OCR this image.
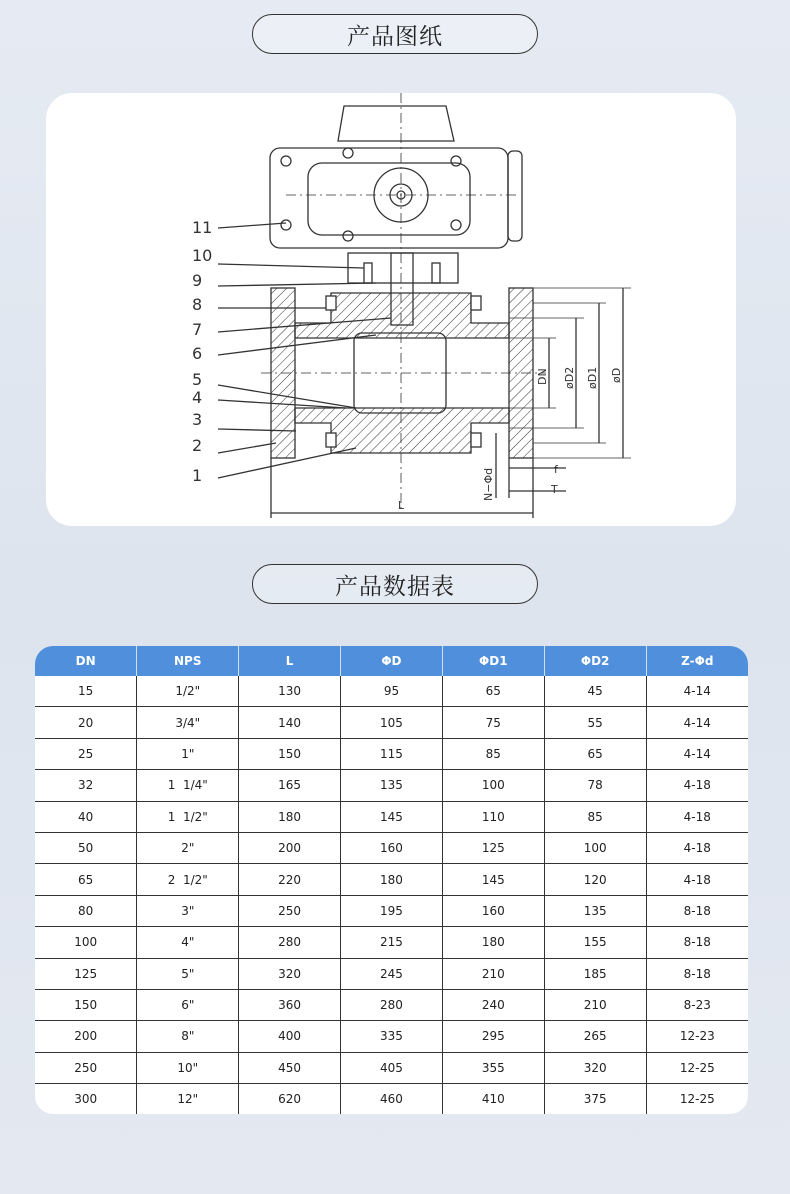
产品图纸
11
10
9
8
7
6
5
4
3
2
1
DN øD2 øD1 øD
N−Φd	f
T
L
产品数据表
DN	NPS	L	ΦD	ΦD1	ΦD2	Z-Φd
15	1/2"	130	95	65	45	4-14
20	3/4"	140	105	75	55	4-14
25	1"	150	115	85	65	4-14
32	1  1/4"	165	135	100	78	4-18
40	1  1/2"	180	145	110	85	4-18
50	2"	200	160	125	100	4-18
65	2  1/2"	220	180	145	120	4-18
80	3"	250	195	160	135	8-18
100	4"	280	215	180	155	8-18
125	5"	320	245	210	185	8-18
150	6"	360	280	240	210	8-23
200	8"	400	335	295	265	12-23
250	10"	450	405	355	320	12-25
300	12"	620	460	410	375	12-25
